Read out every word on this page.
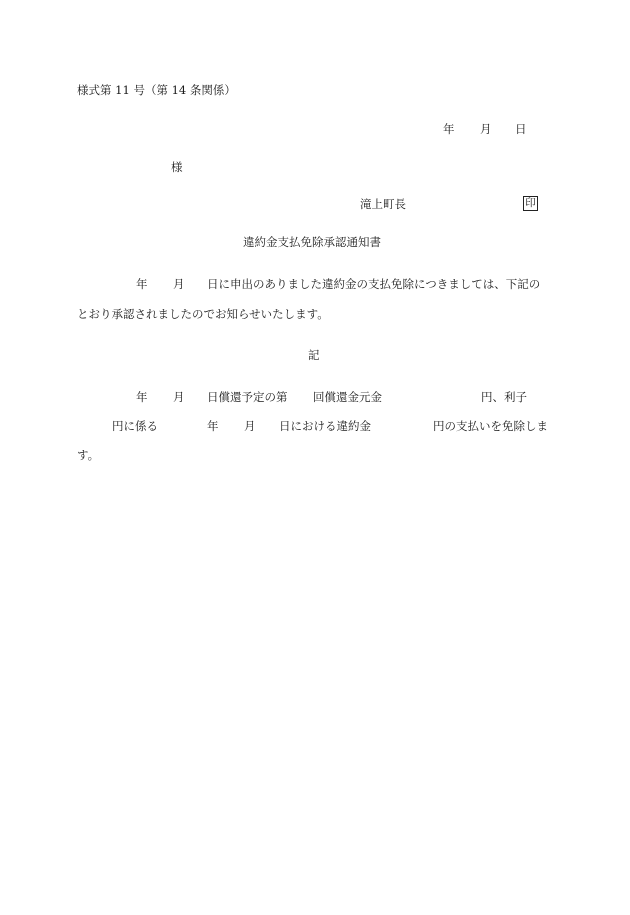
様式第 11 号（第 14 条関係）
年 月 日
様
滝上町長	印
違約金支払免除承認通知書
年 月 日に申出のありました違約金の支払免除につきましては、下記の
とおり承認されましたのでお知らせいたします。
記
年 月 日償還予定の第 回償還金元金	円、利子
円に係る	年 月 日における違約金	円の支払いを免除しま
す。
